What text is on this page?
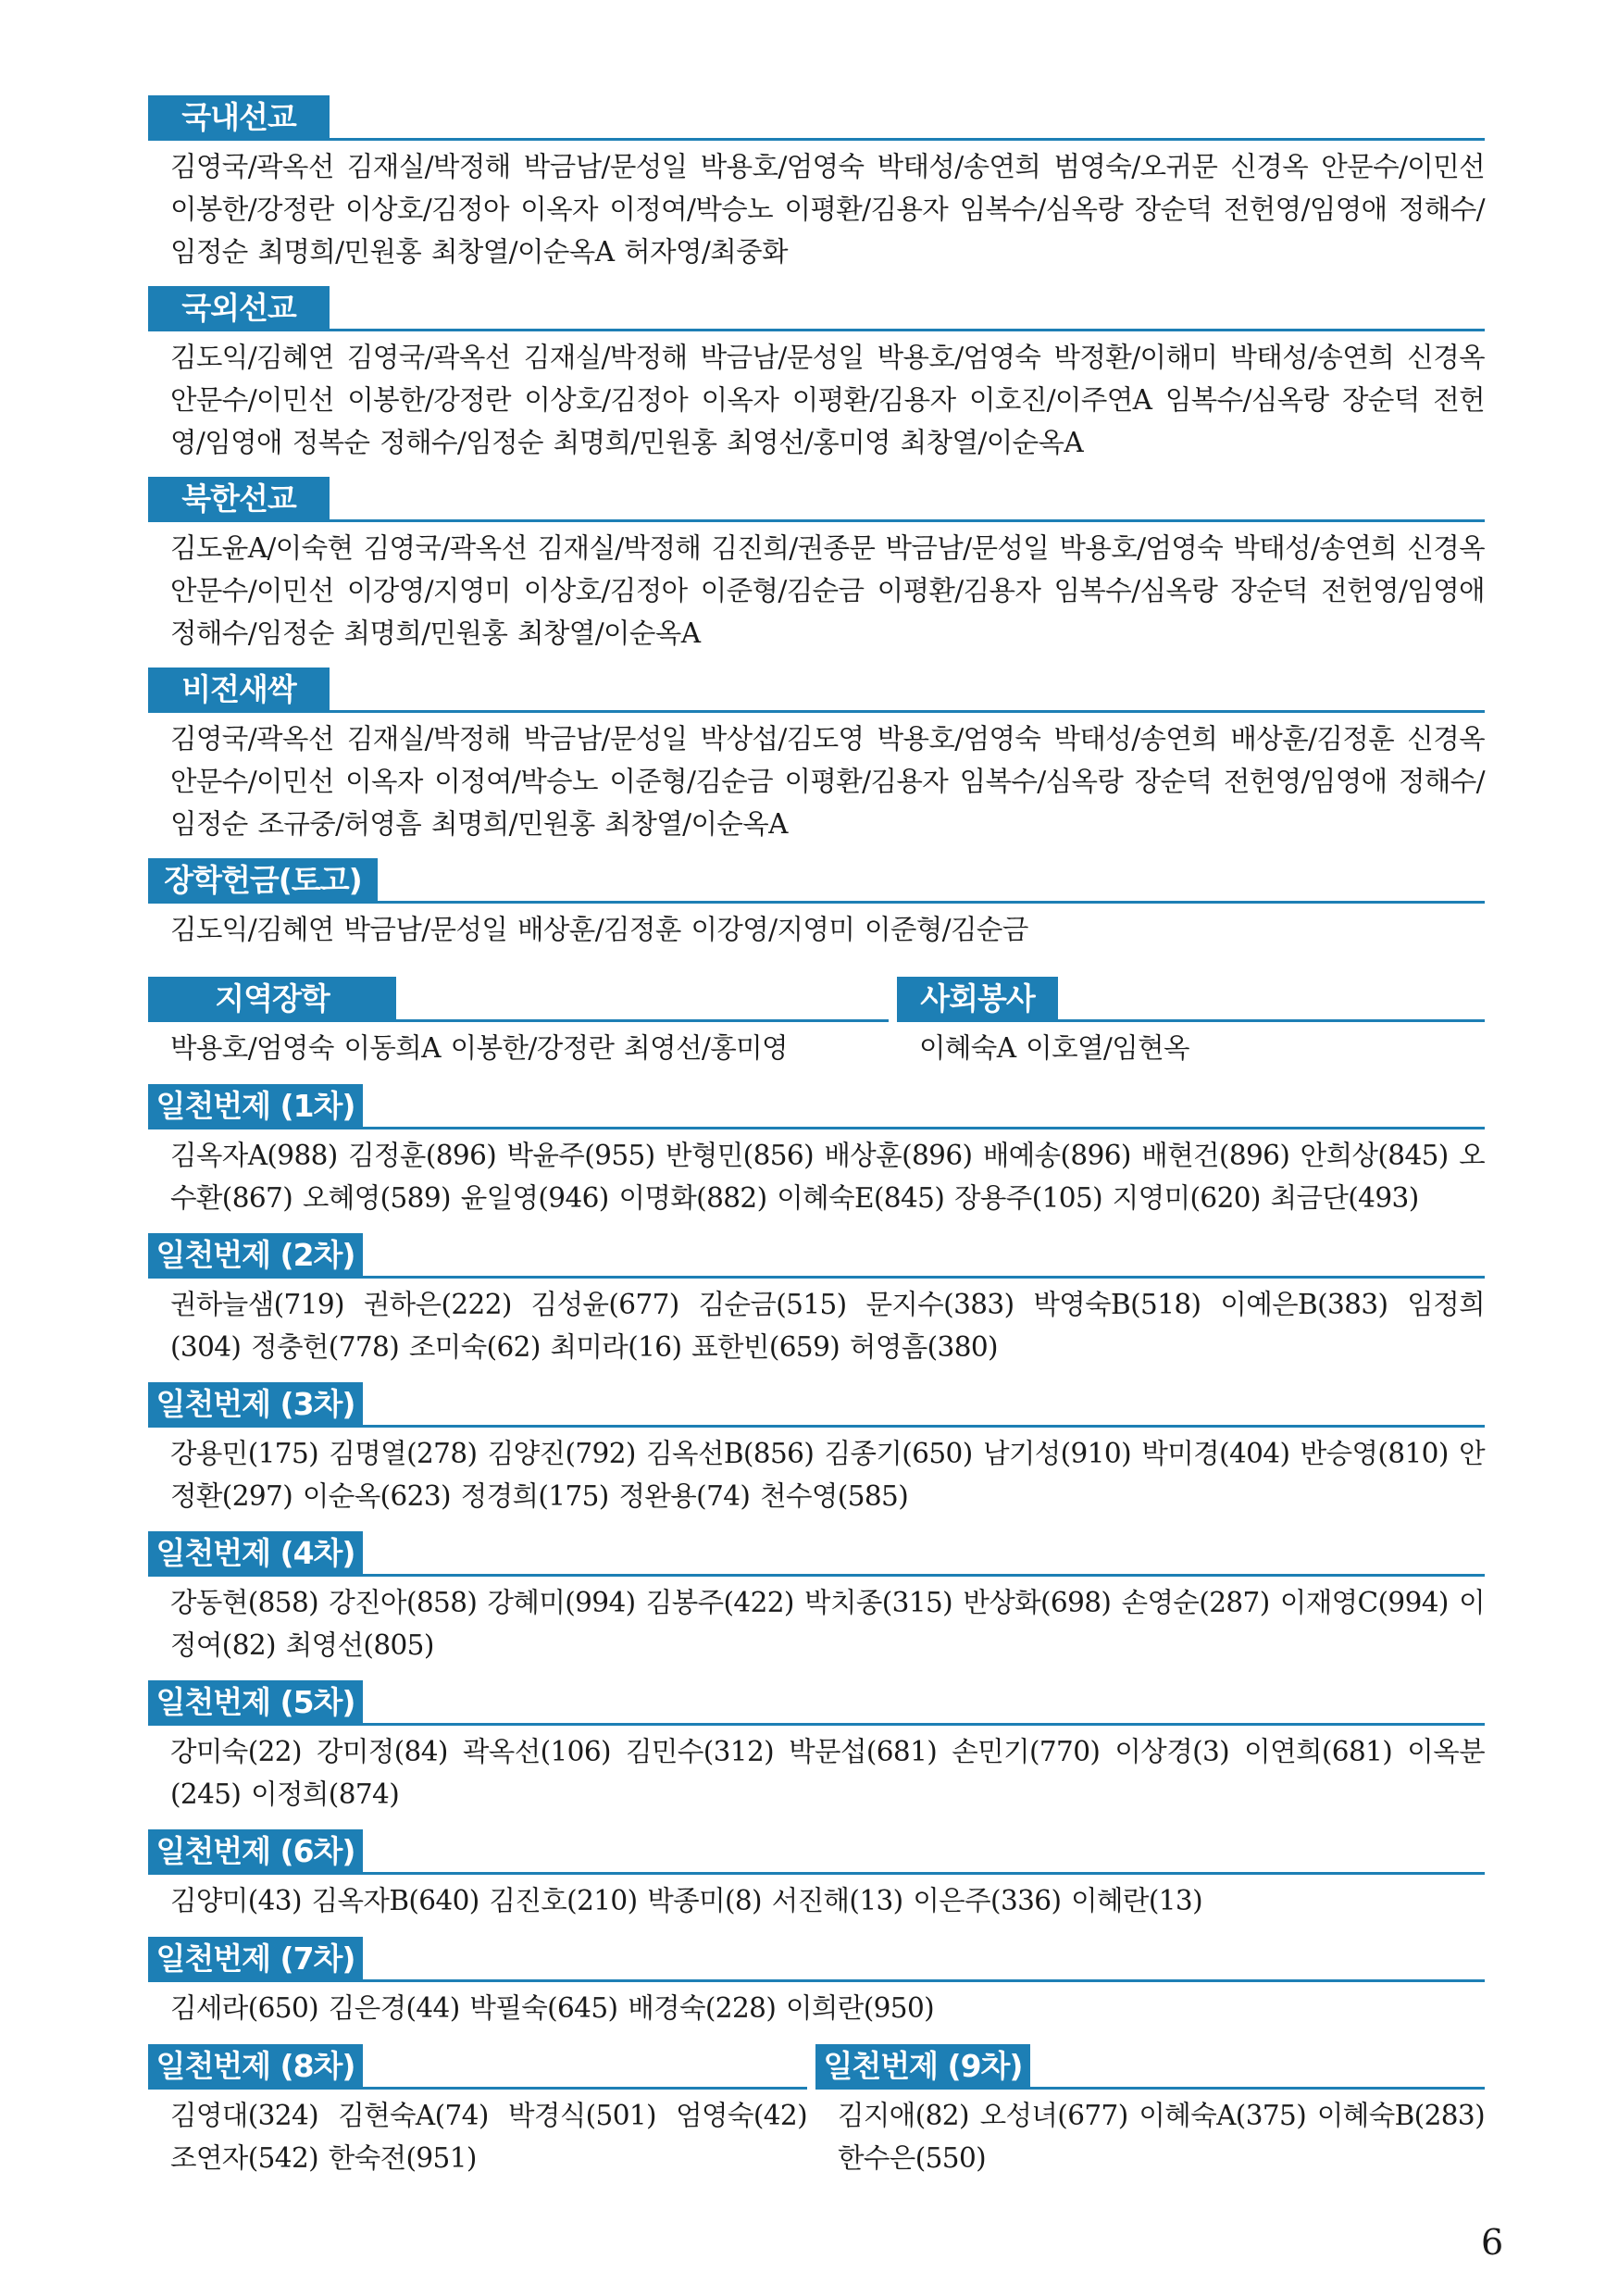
국내선교
김영국/곽옥선 김재실/박정해 박금남/문성일 박용호/엄영숙 박태성/송연희 범영숙/오귀문 신경옥 안문수/이민선 이봉한/강정란 이상호/김정아 이옥자 이정여/박승노 이평환/김용자 임복수/심옥랑 장순덕 전헌영/임영애 정해수/임정순 최명희/민원홍 최창열/이순옥A 허자영/최중화
국외선교
김도익/김혜연 김영국/곽옥선 김재실/박정해 박금남/문성일 박용호/엄영숙 박정환/이해미 박태성/송연희 신경옥 안문수/이민선 이봉한/강정란 이상호/김정아 이옥자 이평환/김용자 이호진/이주연A 임복수/심옥랑 장순덕 전헌영/임영애 정복순 정해수/임정순 최명희/민원홍 최영선/홍미영 최창열/이순옥A
북한선교
김도윤A/이숙현 김영국/곽옥선 김재실/박정해 김진희/권종문 박금남/문성일 박용호/엄영숙 박태성/송연희 신경옥 안문수/이민선 이강영/지영미 이상호/김정아 이준형/김순금 이평환/김용자 임복수/심옥랑 장순덕 전헌영/임영애 정해수/임정순 최명희/민원홍 최창열/이순옥A
비전새싹
김영국/곽옥선 김재실/박정해 박금남/문성일 박상섭/김도영 박용호/엄영숙 박태성/송연희 배상훈/김정훈 신경옥 안문수/이민선 이옥자 이정여/박승노 이준형/김순금 이평환/김용자 임복수/심옥랑 장순덕 전헌영/임영애 정해수/임정순 조규중/허영흠 최명희/민원홍 최창열/이순옥A
장학헌금(토고)
김도익/김혜연 박금남/문성일 배상훈/김정훈 이강영/지영미 이준형/김순금
지역장학
박용호/엄영숙 이동희A 이봉한/강정란 최영선/홍미영
사회봉사
이혜숙A 이호열/임현옥
일천번제 (1차)
김옥자A(988) 김정훈(896) 박윤주(955) 반형민(856) 배상훈(896) 배예송(896) 배현건(896) 안희상(845) 오수환(867) 오혜영(589) 윤일영(946) 이명화(882) 이혜숙E(845) 장용주(105) 지영미(620) 최금단(493)
일천번제 (2차)
권하늘샘(719) 권하은(222) 김성윤(677) 김순금(515) 문지수(383) 박영숙B(518) 이예은B(383) 임정희(304) 정충헌(778) 조미숙(62) 최미라(16) 표한빈(659) 허영흠(380)
일천번제 (3차)
강용민(175) 김명열(278) 김양진(792) 김옥선B(856) 김종기(650) 남기성(910) 박미경(404) 반승영(810) 안정환(297) 이순옥(623) 정경희(175) 정완용(74) 천수영(585)
일천번제 (4차)
강동현(858) 강진아(858) 강혜미(994) 김봉주(422) 박치종(315) 반상화(698) 손영순(287) 이재영C(994) 이정여(82) 최영선(805)
일천번제 (5차)
강미숙(22) 강미정(84) 곽옥선(106) 김민수(312) 박문섭(681) 손민기(770) 이상경(3) 이연희(681) 이옥분(245) 이정희(874)
일천번제 (6차)
김양미(43) 김옥자B(640) 김진호(210) 박종미(8) 서진해(13) 이은주(336) 이혜란(13)
일천번제 (7차)
김세라(650) 김은경(44) 박필숙(645) 배경숙(228) 이희란(950)
일천번제 (8차)
김영대(324) 김현숙A(74) 박경식(501) 엄영숙(42) 조연자(542) 한숙전(951)
일천번제 (9차)
김지애(82) 오성녀(677) 이혜숙A(375) 이혜숙B(283) 한수은(550)
6
